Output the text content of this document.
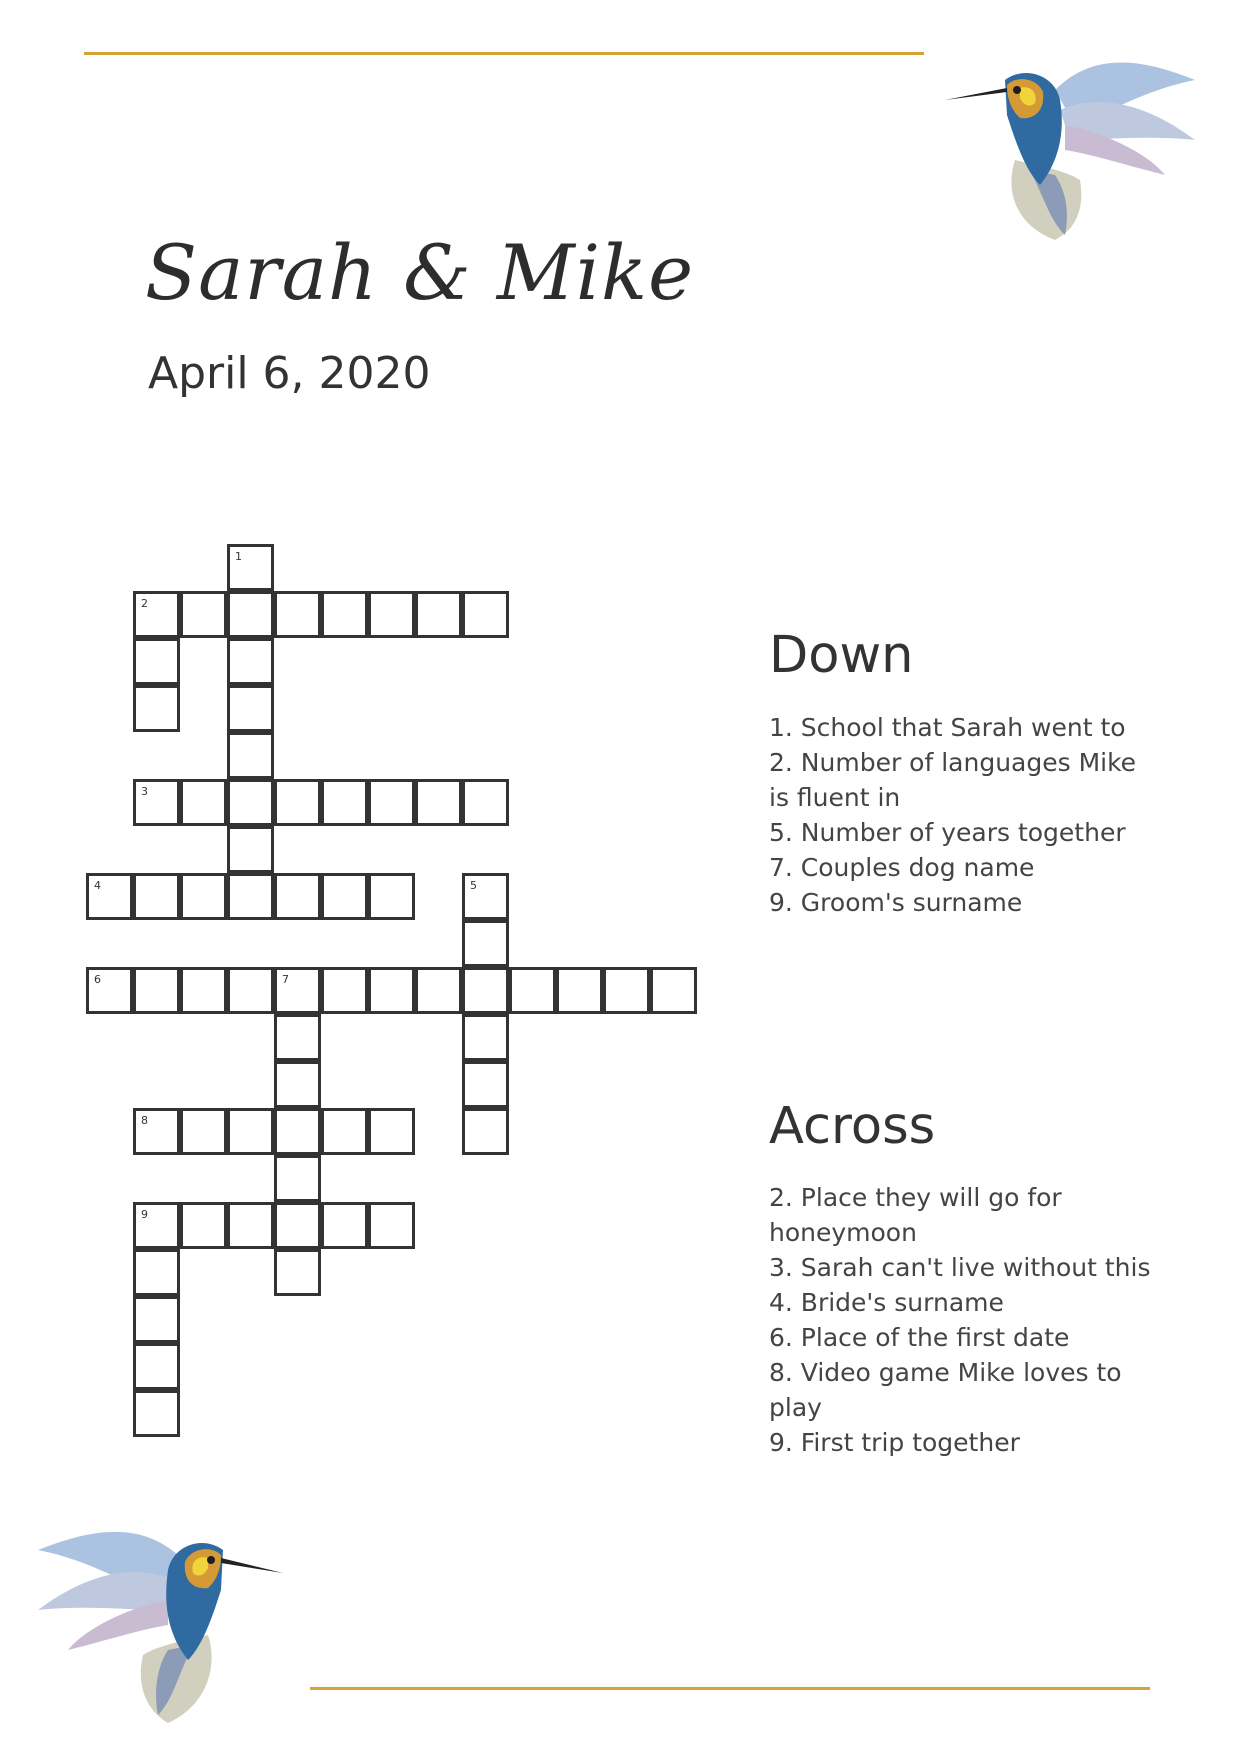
Sarah & Mike
April 6, 2020
1
2
3
4	5
6	7
8
9
Down
1. School that Sarah went to
2. Number of languages Mike is fluent in
5. Number of years together
7. Couples dog name
9. Groom's surname
Across
2. Place they will go for honeymoon
3. Sarah can't live without this
4. Bride's surname
6. Place of the first date
8. Video game Mike loves to play
9. First trip together
